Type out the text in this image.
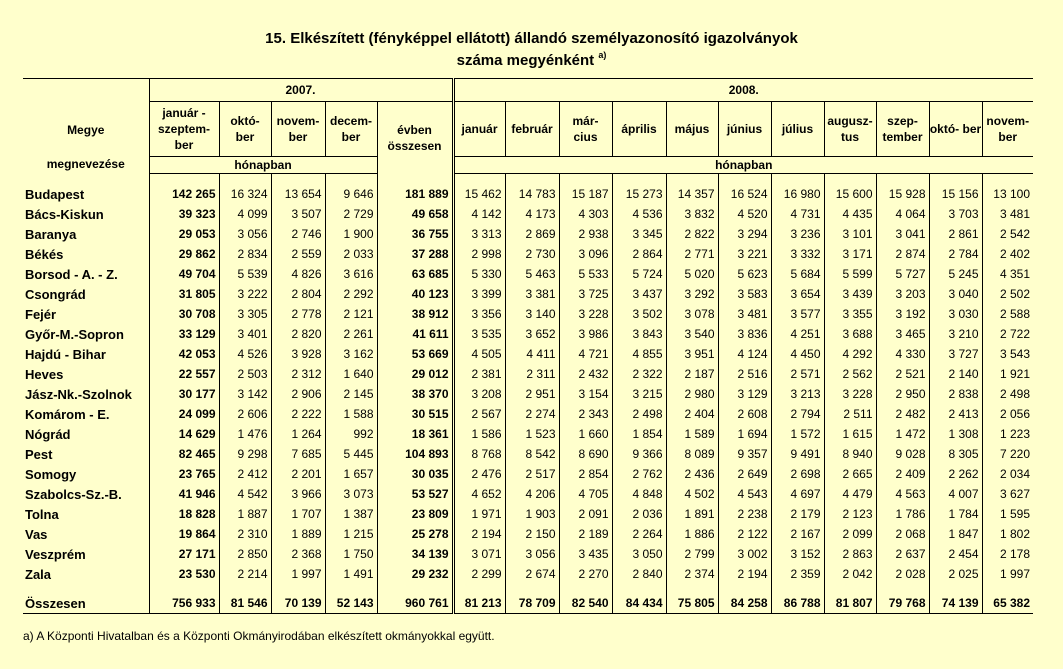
15. Elkészített (fényképpel ellátott) állandó személyazonosító igazolványok
száma megyénként $^{a)}$
Megye
megnevezése	2007.					2008.										
	január - szeptem- ber	októ- ber	novem- ber	decem- ber	évben összesen	január	február	már- cius	április	május	június	július	augusz- tus	szep- tember	októ- ber	novem- ber
	hónapban					hónapban										

Budapest	142 265	16 324	13 654	9 646	181 889	15 462	14 783	15 187	15 273	14 357	16 524	16 980	15 600	15 928	15 156	13 100
Bács-Kiskun	39 323	4 099	3 507	2 729	49 658	4 142	4 173	4 303	4 536	3 832	4 520	4 731	4 435	4 064	3 703	3 481
Baranya	29 053	3 056	2 746	1 900	36 755	3 313	2 869	2 938	3 345	2 822	3 294	3 236	3 101	3 041	2 861	2 542
Békés	29 862	2 834	2 559	2 033	37 288	2 998	2 730	3 096	2 864	2 771	3 221	3 332	3 171	2 874	2 784	2 402
Borsod - A. - Z.	49 704	5 539	4 826	3 616	63 685	5 330	5 463	5 533	5 724	5 020	5 623	5 684	5 599	5 727	5 245	4 351
Csongrád	31 805	3 222	2 804	2 292	40 123	3 399	3 381	3 725	3 437	3 292	3 583	3 654	3 439	3 203	3 040	2 502
Fejér	30 708	3 305	2 778	2 121	38 912	3 356	3 140	3 228	3 502	3 078	3 481	3 577	3 355	3 192	3 030	2 588
Győr-M.-Sopron	33 129	3 401	2 820	2 261	41 611	3 535	3 652	3 986	3 843	3 540	3 836	4 251	3 688	3 465	3 210	2 722
Hajdú - Bihar	42 053	4 526	3 928	3 162	53 669	4 505	4 411	4 721	4 855	3 951	4 124	4 450	4 292	4 330	3 727	3 543
Heves	22 557	2 503	2 312	1 640	29 012	2 381	2 311	2 432	2 322	2 187	2 516	2 571	2 562	2 521	2 140	1 921
Jász-Nk.-Szolnok	30 177	3 142	2 906	2 145	38 370	3 208	2 951	3 154	3 215	2 980	3 129	3 213	3 228	2 950	2 838	2 498
Komárom - E.	24 099	2 606	2 222	1 588	30 515	2 567	2 274	2 343	2 498	2 404	2 608	2 794	2 511	2 482	2 413	2 056
Nógrád	14 629	1 476	1 264	992	18 361	1 586	1 523	1 660	1 854	1 589	1 694	1 572	1 615	1 472	1 308	1 223
Pest	82 465	9 298	7 685	5 445	104 893	8 768	8 542	8 690	9 366	8 089	9 357	9 491	8 940	9 028	8 305	7 220
Somogy	23 765	2 412	2 201	1 657	30 035	2 476	2 517	2 854	2 762	2 436	2 649	2 698	2 665	2 409	2 262	2 034
Szabolcs-Sz.-B.	41 946	4 542	3 966	3 073	53 527	4 652	4 206	4 705	4 848	4 502	4 543	4 697	4 479	4 563	4 007	3 627
Tolna	18 828	1 887	1 707	1 387	23 809	1 971	1 903	2 091	2 036	1 891	2 238	2 179	2 123	1 786	1 784	1 595
Vas	19 864	2 310	1 889	1 215	25 278	2 194	2 150	2 189	2 264	1 886	2 122	2 167	2 099	2 068	1 847	1 802
Veszprém	27 171	2 850	2 368	1 750	34 139	3 071	3 056	3 435	3 050	2 799	3 002	3 152	2 863	2 637	2 454	2 178
Zala	23 530	2 214	1 997	1 491	29 232	2 299	2 674	2 270	2 840	2 374	2 194	2 359	2 042	2 028	2 025	1 997

Összesen	756 933	81 546	70 139	52 143	960 761	81 213	78 709	82 540	84 434	75 805	84 258	86 788	81 807	79 768	74 139	65 382
a) A Központi Hivatalban és a Központi Okmányirodában elkészített okmányokkal együtt.
